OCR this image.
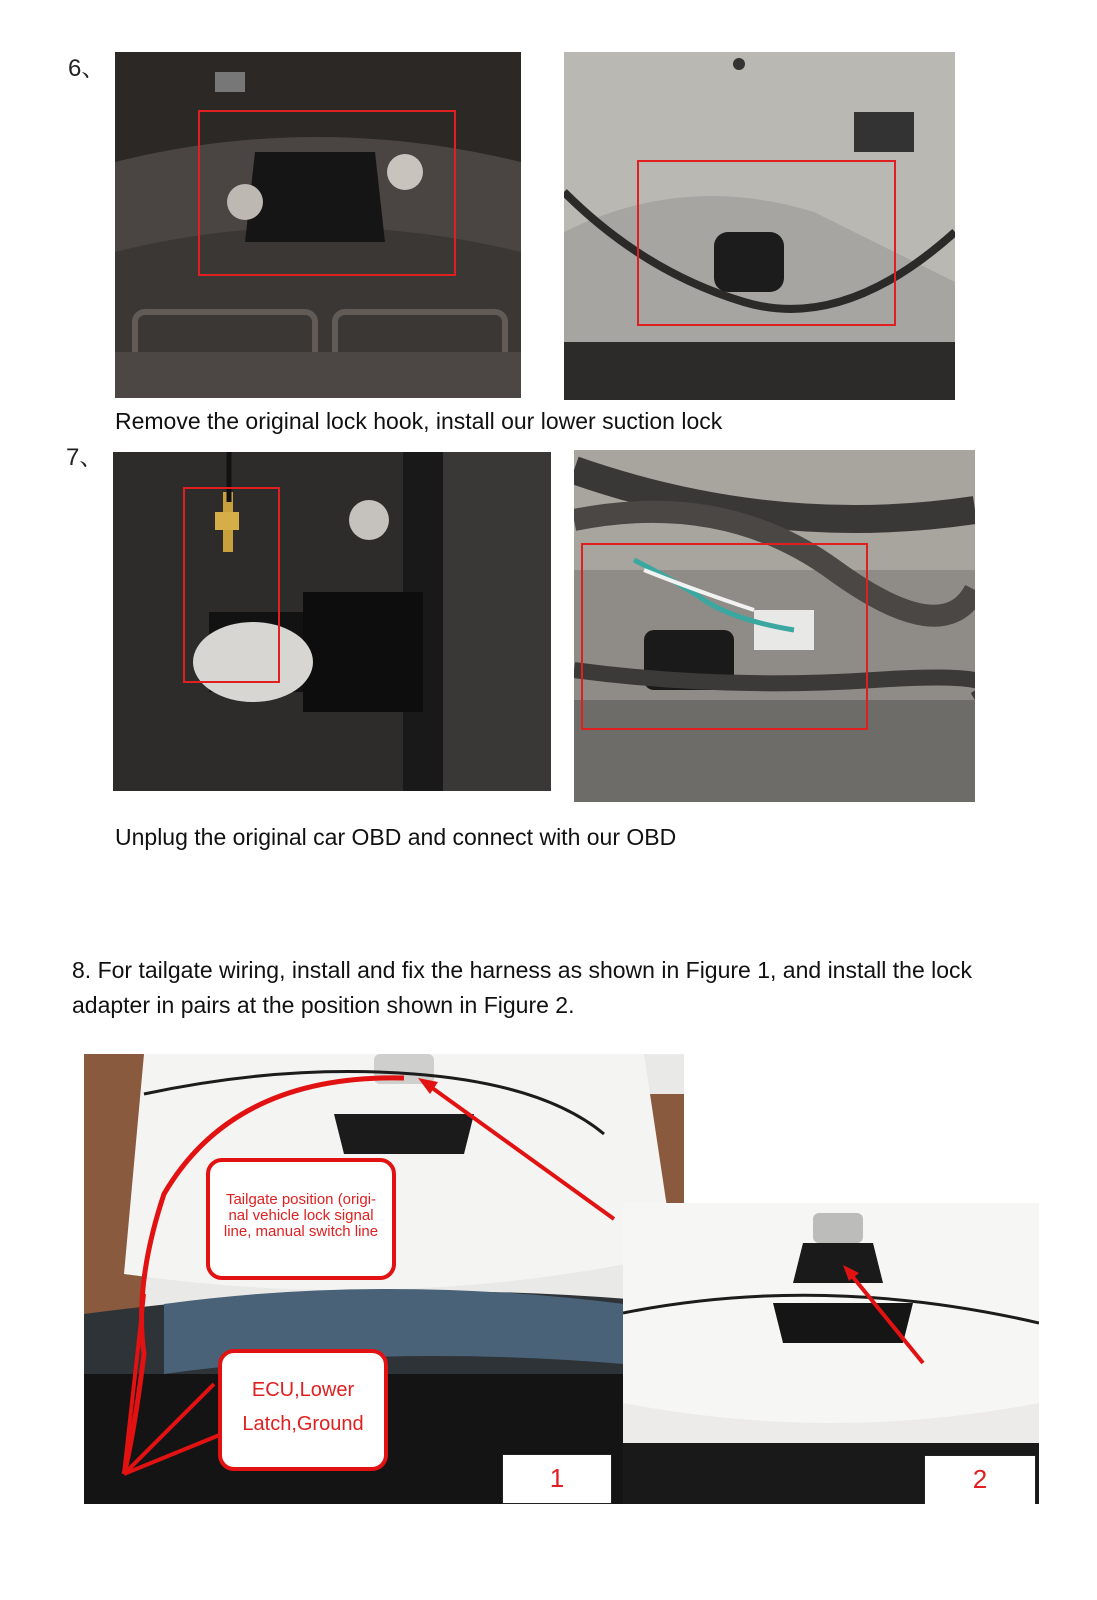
6、
Remove the original lock hook, install our lower suction lock
7、
Unplug the original car OBD and connect with our OBD
8. For tailgate wiring, install and fix the harness as shown in Figure 1, and install the lock adapter in pairs at the position shown in Figure 2.
Tailgate position (origi-nal vehicle lock signal line, manual switch line
ECU,Lower Latch,Ground
1	2
